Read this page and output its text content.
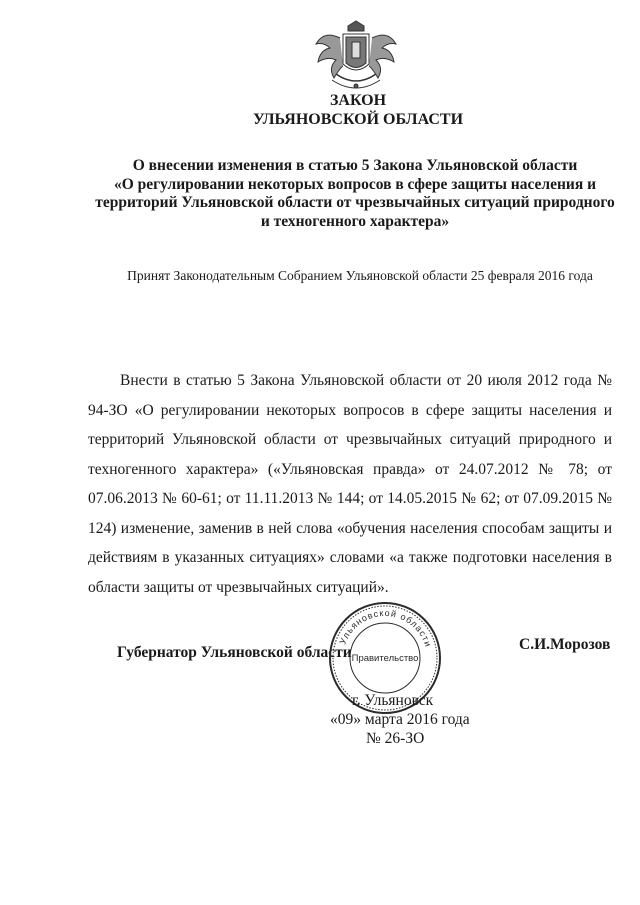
ЗАКОН
УЛЬЯНОВСКОЙ ОБЛАСТИ
О внесении изменения в статью 5 Закона Ульяновской области
«О регулировании некоторых вопросов в сфере защиты населения и
территорий Ульяновской области от чрезвычайных ситуаций природного
и техногенного характера»
Принят Законодательным Собранием Ульяновской области 25 февраля 2016 года
Внести в статью 5 Закона Ульяновской области от 20 июля 2012 года № 94-ЗО «О регулировании некоторых вопросов в сфере защиты населения и территорий Ульяновской области от чрезвычайных ситуаций природного и техногенного характера» («Ульяновская правда» от 24.07.2012 № 78; от 07.06.2013 № 60-61; от 11.11.2013 № 144; от 14.05.2015 № 62; от 07.09.2015 № 124) изменение, заменив в ней слова «обучения населения способам защиты и действиям в указанных ситуациях» словами «а также подготовки населения в области защиты от чрезвычайных ситуаций».
Губернатор Ульяновской области	С.И.Морозов
Ульяновской области
Правительство
г. Ульяновск
«09» марта 2016 года
№ 26-ЗО
